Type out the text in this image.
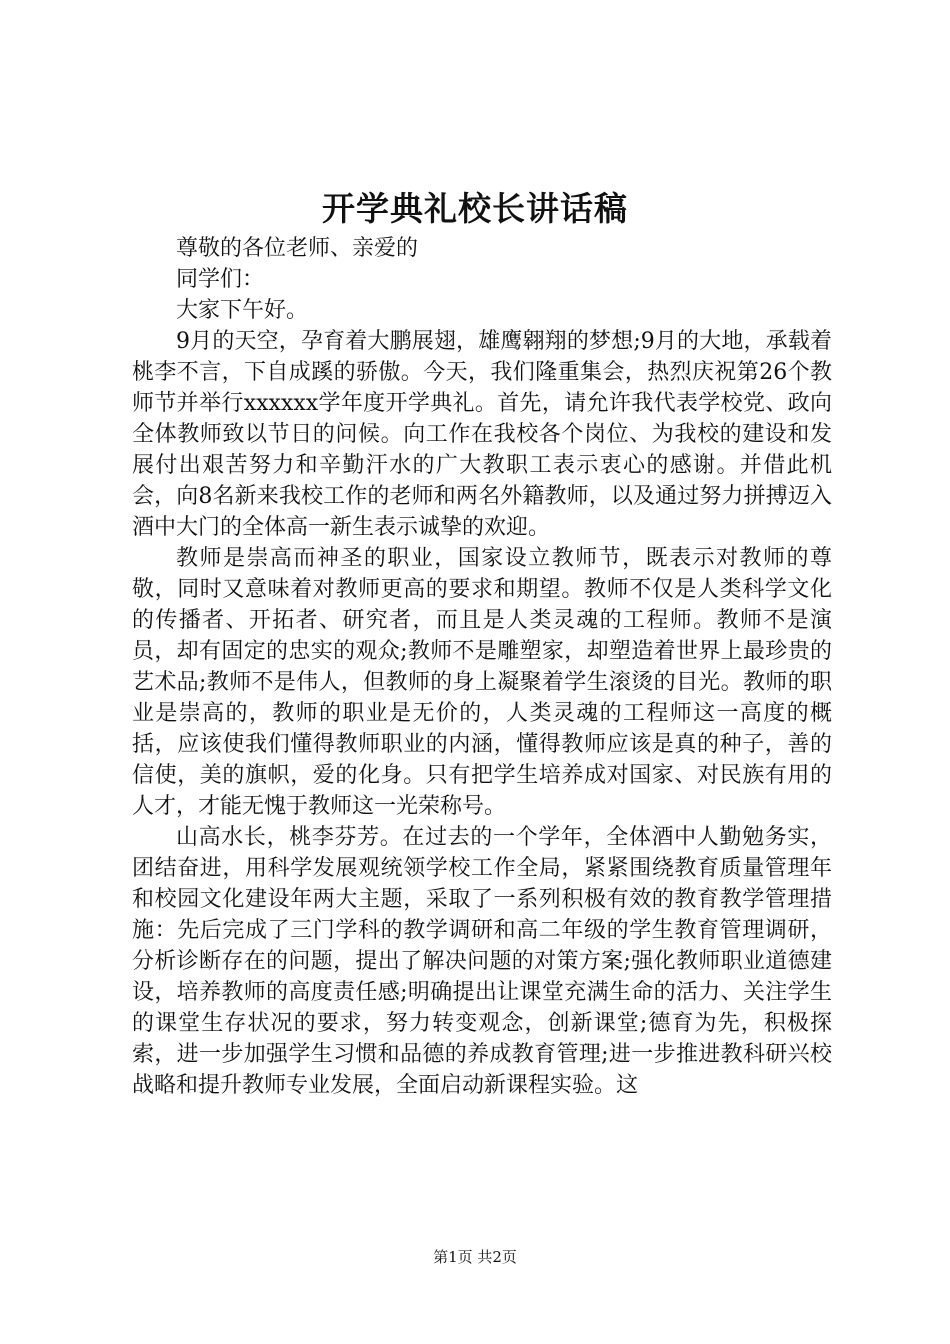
开学典礼校长讲话稿

尊敬的各位老师、亲爱的

同学们：

大家下午好。

9月的天空，孕育着大鹏展翅，雄鹰翱翔的梦想;9月的大地，承载着桃李不言，下自成蹊的骄傲。今天，我们隆重集会，热烈庆祝第26个教师节并举行xxxxxx学年度开学典礼。首先，请允许我代表学校党、政向全体教师致以节日的问候。向工作在我校各个岗位、为我校的建设和发展付出艰苦努力和辛勤汗水的广大教职工表示衷心的感谢。并借此机会，向8名新来我校工作的老师和两名外籍教师，以及通过努力拼搏迈入酒中大门的全体高一新生表示诚挚的欢迎。

教师是崇高而神圣的职业，国家设立教师节，既表示对教师的尊敬，同时又意味着对教师更高的要求和期望。教师不仅是人类科学文化的传播者、开拓者、研究者，而且是人类灵魂的工程师。教师不是演员，却有固定的忠实的观众;教师不是雕塑家，却塑造着世界上最珍贵的艺术品;教师不是伟人，但教师的身上凝聚着学生滚烫的目光。教师的职业是崇高的，教师的职业是无价的，人类灵魂的工程师这一高度的概括，应该使我们懂得教师职业的内涵，懂得教师应该是真的种子，善的信使，美的旗帜，爱的化身。只有把学生培养成对国家、对民族有用的人才，才能无愧于教师这一光荣称号。

山高水长，桃李芬芳。在过去的一个学年，全体酒中人勤勉务实，团结奋进，用科学发展观统领学校工作全局，紧紧围绕教育质量管理年和校园文化建设年两大主题，采取了一系列积极有效的教育教学管理措施：先后完成了三门学科的教学调研和高二年级的学生教育管理调研，分析诊断存在的问题，提出了解决问题的对策方案;强化教师职业道德建设，培养教师的高度责任感;明确提出让课堂充满生命的活力、关注学生的课堂生存状况的要求，努力转变观念，创新课堂;德育为先，积极探索，进一步加强学生习惯和品德的养成教育管理;进一步推进教科研兴校战略和提升教师专业发展，全面启动新课程实验。这

第1页 共2页
